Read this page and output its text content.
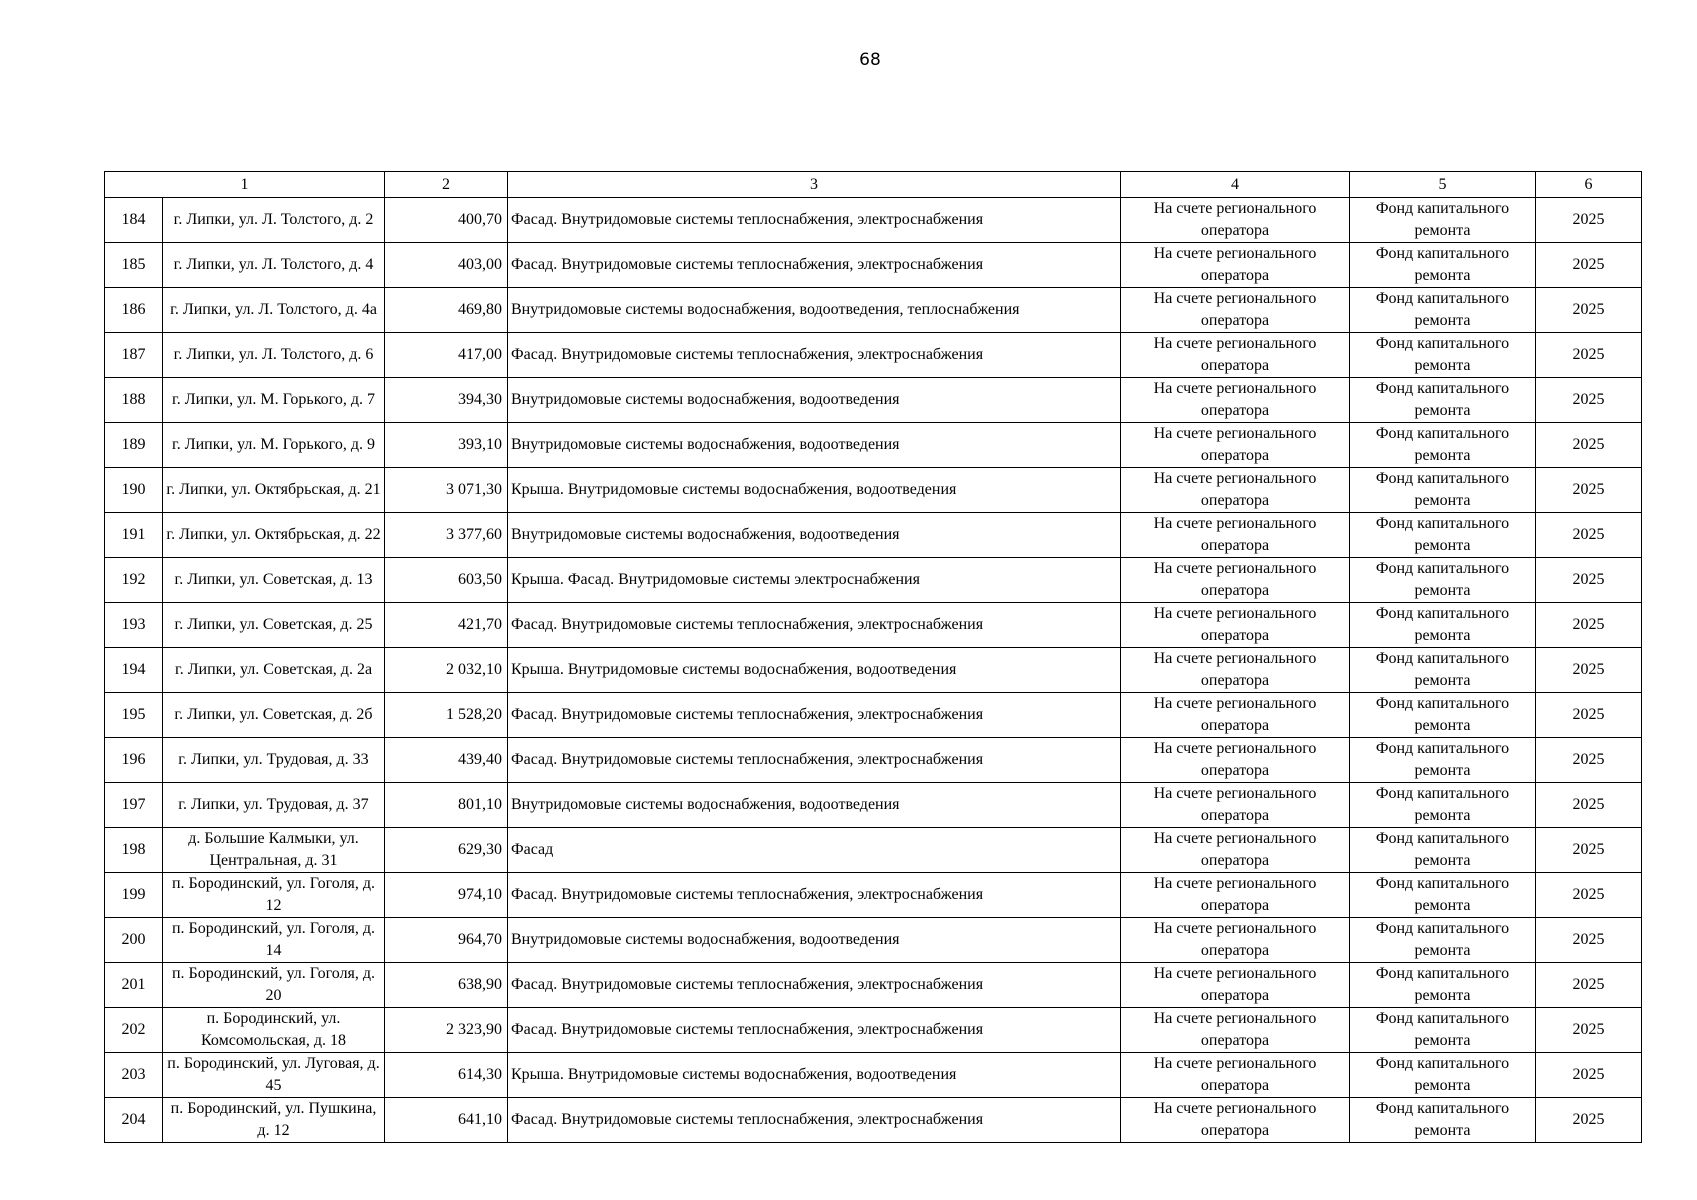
68
1		2	3	4	5	6
184	г. Липки, ул. Л. Толстого, д. 2	400,70	Фасад. Внутридомовые системы теплоснабжения, электроснабжения	На счете регионального оператора	Фонд капитального ремонта	2025
185	г. Липки, ул. Л. Толстого, д. 4	403,00	Фасад. Внутридомовые системы теплоснабжения, электроснабжения	На счете регионального оператора	Фонд капитального ремонта	2025
186	г. Липки, ул. Л. Толстого, д. 4а	469,80	Внутридомовые системы водоснабжения, водоотведения, теплоснабжения	На счете регионального оператора	Фонд капитального ремонта	2025
187	г. Липки, ул. Л. Толстого, д. 6	417,00	Фасад. Внутридомовые системы теплоснабжения, электроснабжения	На счете регионального оператора	Фонд капитального ремонта	2025
188	г. Липки, ул. М. Горького, д. 7	394,30	Внутридомовые системы водоснабжения, водоотведения	На счете регионального оператора	Фонд капитального ремонта	2025
189	г. Липки, ул. М. Горького, д. 9	393,10	Внутридомовые системы водоснабжения, водоотведения	На счете регионального оператора	Фонд капитального ремонта	2025
190	г. Липки, ул. Октябрьская, д. 21	3 071,30	Крыша. Внутридомовые системы водоснабжения, водоотведения	На счете регионального оператора	Фонд капитального ремонта	2025
191	г. Липки, ул. Октябрьская, д. 22	3 377,60	Внутридомовые системы водоснабжения, водоотведения	На счете регионального оператора	Фонд капитального ремонта	2025
192	г. Липки, ул. Советская, д. 13	603,50	Крыша. Фасад. Внутридомовые системы электроснабжения	На счете регионального оператора	Фонд капитального ремонта	2025
193	г. Липки, ул. Советская, д. 25	421,70	Фасад. Внутридомовые системы теплоснабжения, электроснабжения	На счете регионального оператора	Фонд капитального ремонта	2025
194	г. Липки, ул. Советская, д. 2а	2 032,10	Крыша. Внутридомовые системы водоснабжения, водоотведения	На счете регионального оператора	Фонд капитального ремонта	2025
195	г. Липки, ул. Советская, д. 2б	1 528,20	Фасад. Внутридомовые системы теплоснабжения, электроснабжения	На счете регионального оператора	Фонд капитального ремонта	2025
196	г. Липки, ул. Трудовая, д. 33	439,40	Фасад. Внутридомовые системы теплоснабжения, электроснабжения	На счете регионального оператора	Фонд капитального ремонта	2025
197	г. Липки, ул. Трудовая, д. 37	801,10	Внутридомовые системы водоснабжения, водоотведения	На счете регионального оператора	Фонд капитального ремонта	2025
198	д. Большие Калмыки, ул. Центральная, д. 31	629,30	Фасад	На счете регионального оператора	Фонд капитального ремонта	2025
199	п. Бородинский, ул. Гоголя, д. 12	974,10	Фасад. Внутридомовые системы теплоснабжения, электроснабжения	На счете регионального оператора	Фонд капитального ремонта	2025
200	п. Бородинский, ул. Гоголя, д. 14	964,70	Внутридомовые системы водоснабжения, водоотведения	На счете регионального оператора	Фонд капитального ремонта	2025
201	п. Бородинский, ул. Гоголя, д. 20	638,90	Фасад. Внутридомовые системы теплоснабжения, электроснабжения	На счете регионального оператора	Фонд капитального ремонта	2025
202	п. Бородинский, ул. Комсомольская, д. 18	2 323,90	Фасад. Внутридомовые системы теплоснабжения, электроснабжения	На счете регионального оператора	Фонд капитального ремонта	2025
203	п. Бородинский, ул. Луговая, д. 45	614,30	Крыша. Внутридомовые системы водоснабжения, водоотведения	На счете регионального оператора	Фонд капитального ремонта	2025
204	п. Бородинский, ул. Пушкина, д. 12	641,10	Фасад. Внутридомовые системы теплоснабжения, электроснабжения	На счете регионального оператора	Фонд капитального ремонта	2025
